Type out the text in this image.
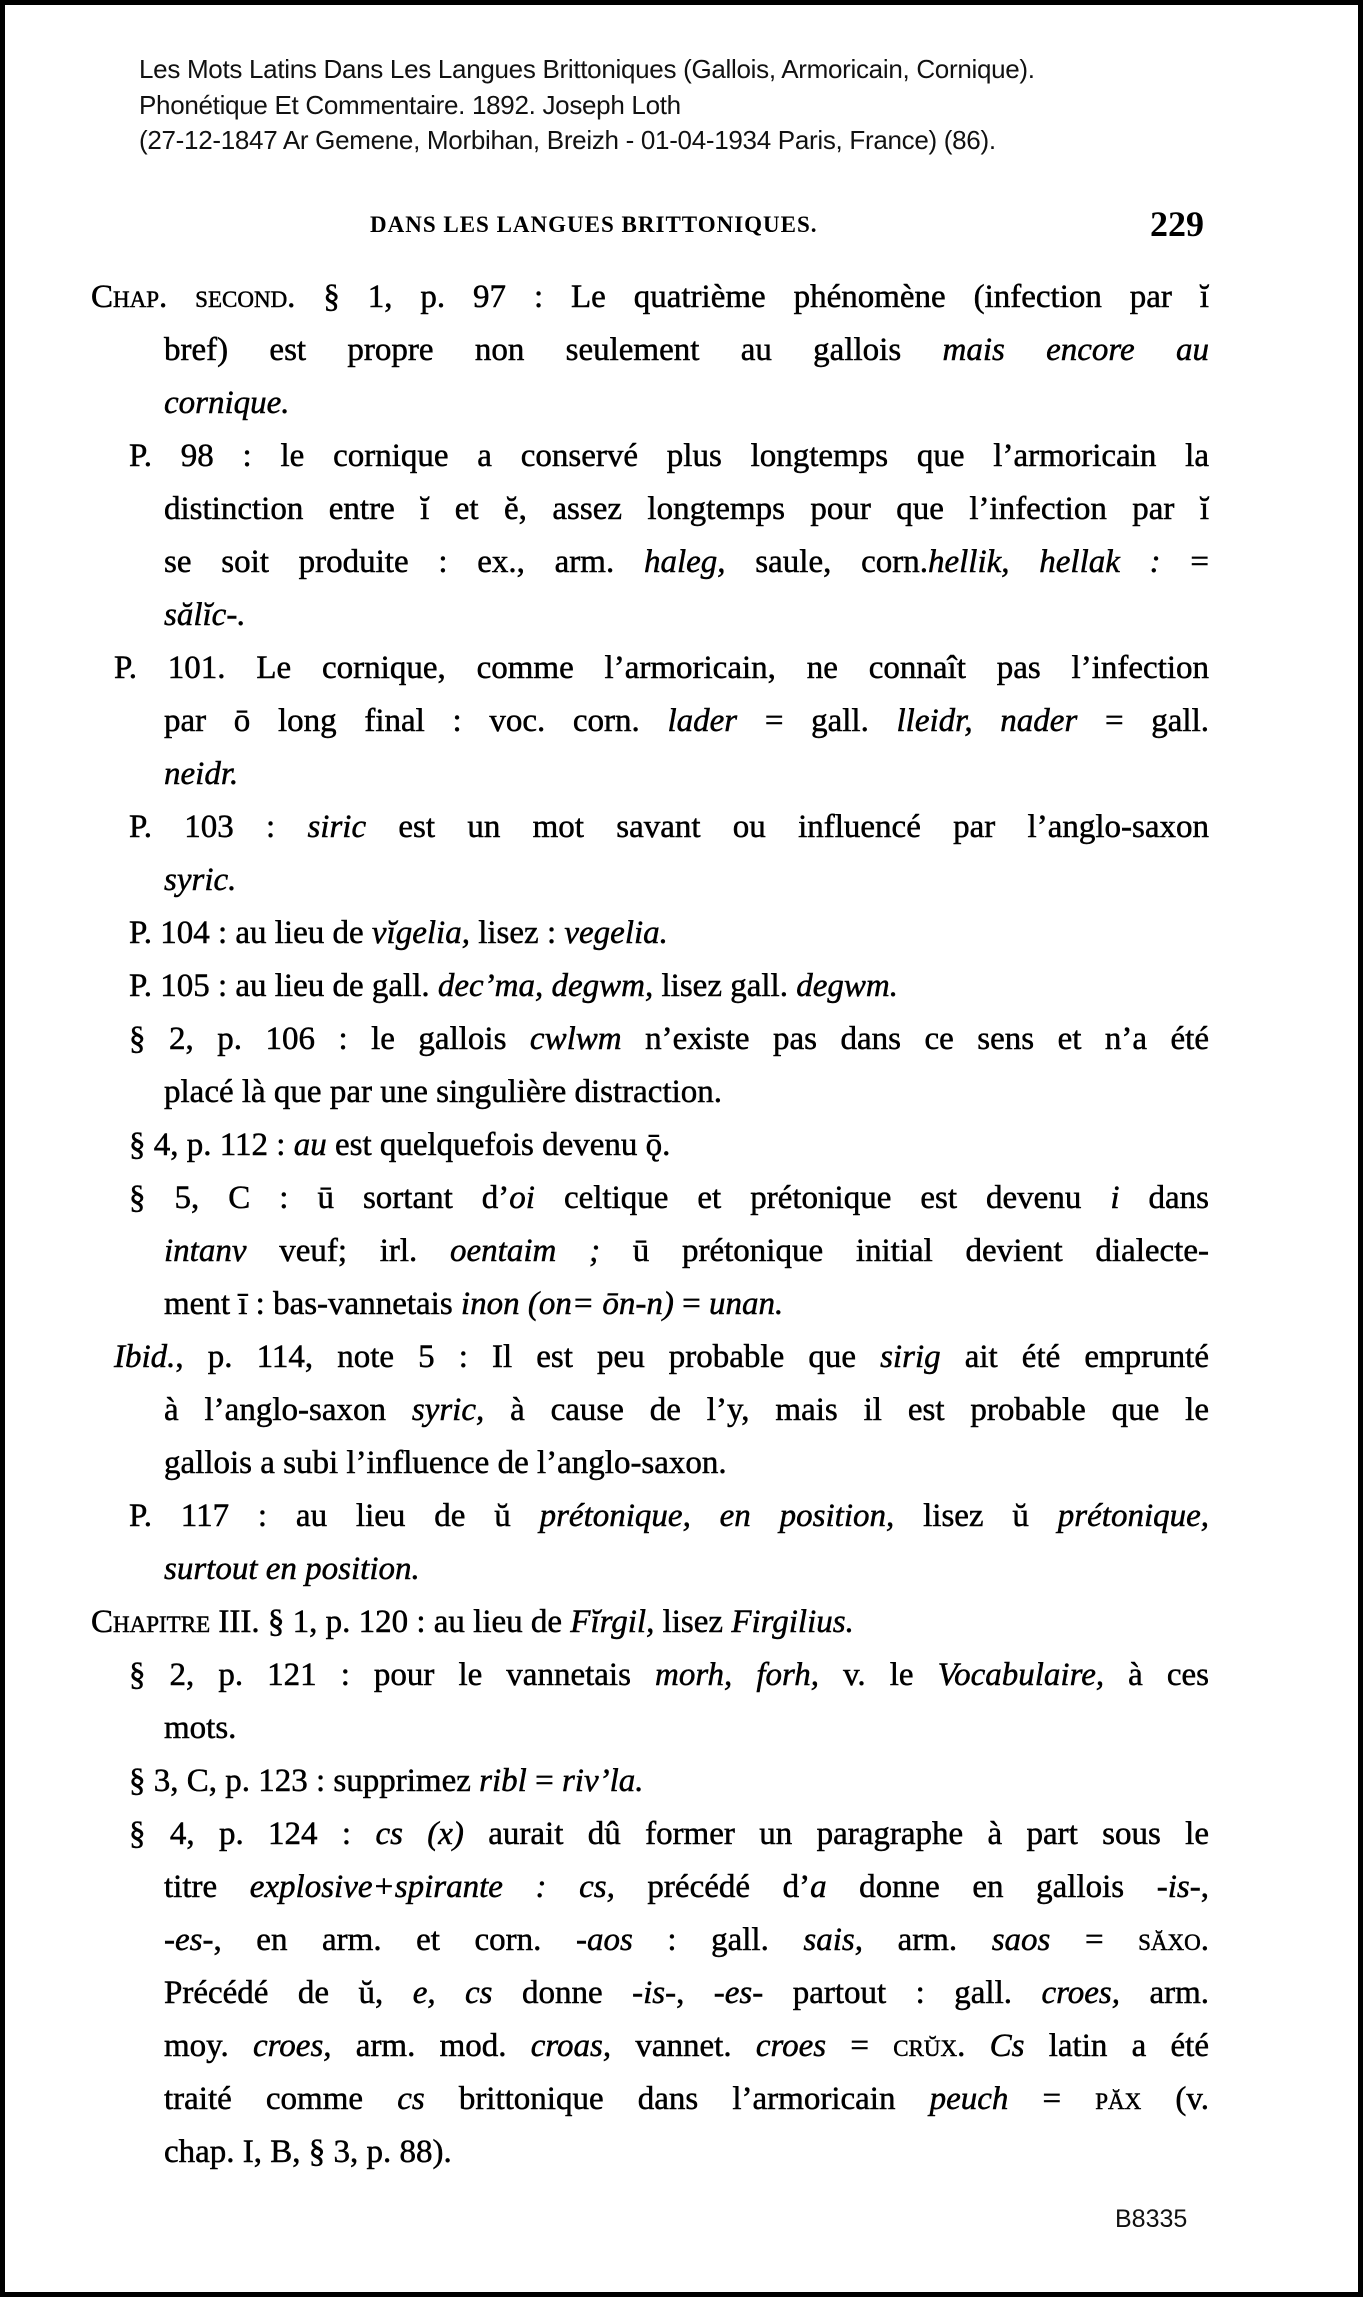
Les Mots Latins Dans Les Langues Brittoniques (Gallois, Armoricain, Cornique).
Phonétique Et Commentaire. 1892. Joseph Loth
(27-12-1847 Ar Gemene, Morbihan, Breizh - 01-04-1934 Paris, France) (86).
DANS LES LANGUES BRITTONIQUES.	229
Chap. second. § 1, p. 97 : Le quatrième phénomène (infection par ĭ
bref) est propre non seulement au gallois mais encore au
cornique.
P. 98 : le cornique a conservé plus longtemps que l’armoricain la
distinction entre ĭ et ĕ, assez longtemps pour que l’infection par ĭ
se soit produite : ex., arm. haleg, saule, corn.hellik, hellak : =
sălĭc-.
P. 101. Le cornique, comme l’armoricain, ne connaît pas l’infection
par ō long final : voc. corn. lader = gall. lleidr, nader = gall.
neidr.
P. 103 : siric est un mot savant ou influencé par l’anglo-saxon
syric.
P. 104 : au lieu de vĭgelia, lisez : vegelia.
P. 105 : au lieu de gall. dec’ma, degwm, lisez gall. degwm.
§ 2, p. 106 : le gallois cwlwm n’existe pas dans ce sens et n’a été
placé là que par une singulière distraction.
§ 4, p. 112 : au est quelquefois devenu ǭ.
§ 5, C : ū sortant d’oi celtique et prétonique est devenu i dans
intanv veuf; irl. oentaim ; ū prétonique initial devient dialecte-
ment ī : bas-vannetais inon (on= ōn-n) = unan.
Ibid., p. 114, note 5 : Il est peu probable que sirig ait été emprunté
à l’anglo-saxon syric, à cause de l’y, mais il est probable que le
gallois a subi l’influence de l’anglo-saxon.
P. 117 : au lieu de ŭ prétonique, en position, lisez ŭ prétonique,
surtout en position.
Chapitre III. § 1, p. 120 : au lieu de Fĭrgil, lisez Firgilius.
§ 2, p. 121 : pour le vannetais morh, forh, v. le Vocabulaire, à ces
mots.
§ 3, C, p. 123 : supprimez ribl = riv’la.
§ 4, p. 124 : cs (x) aurait dû former un paragraphe à part sous le
titre explosive+spirante : cs, précédé d’a donne en gallois -is-,
-es-, en arm. et corn. -aos : gall. sais, arm. saos = săxo.
Précédé de ŭ, e, cs donne -is-, -es- partout : gall. croes, arm.
moy. croes, arm. mod. croas, vannet. croes = crŭx. Cs latin a été
traité comme cs brittonique dans l’armoricain peuch = păx (v.
chap. I, B, § 3, p. 88).
B8335
